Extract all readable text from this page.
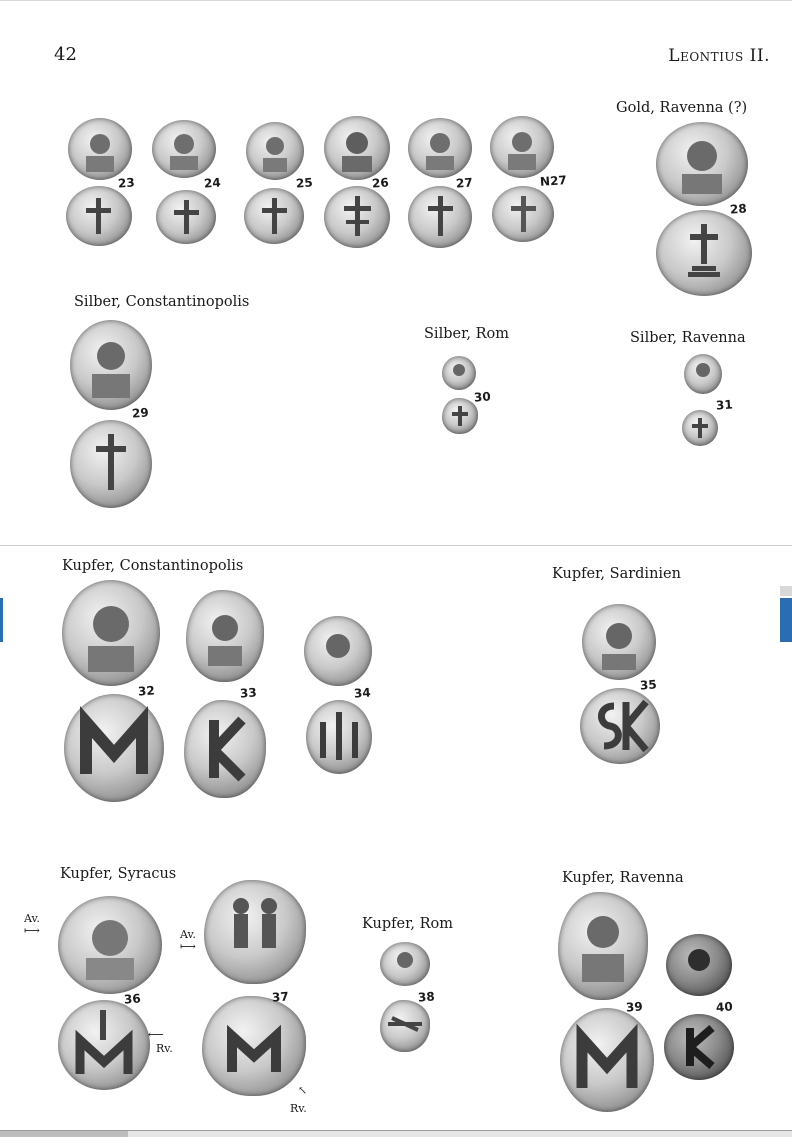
42	Leontius II.
23	24	25	26	27	N27
Gold, Ravenna (?)
28
Silber, Constantinopolis
29
Silber, Rom
30
Silber, Ravenna
31
Kupfer, Constantinopolis
32	33	34
Kupfer, Sardinien
35
Kupfer, Syracus
Av.
⟼
36
⟵
Rv.
Av.
⟼
37
↖
Rv.
Kupfer, Rom
38
Kupfer, Ravenna
39	40
